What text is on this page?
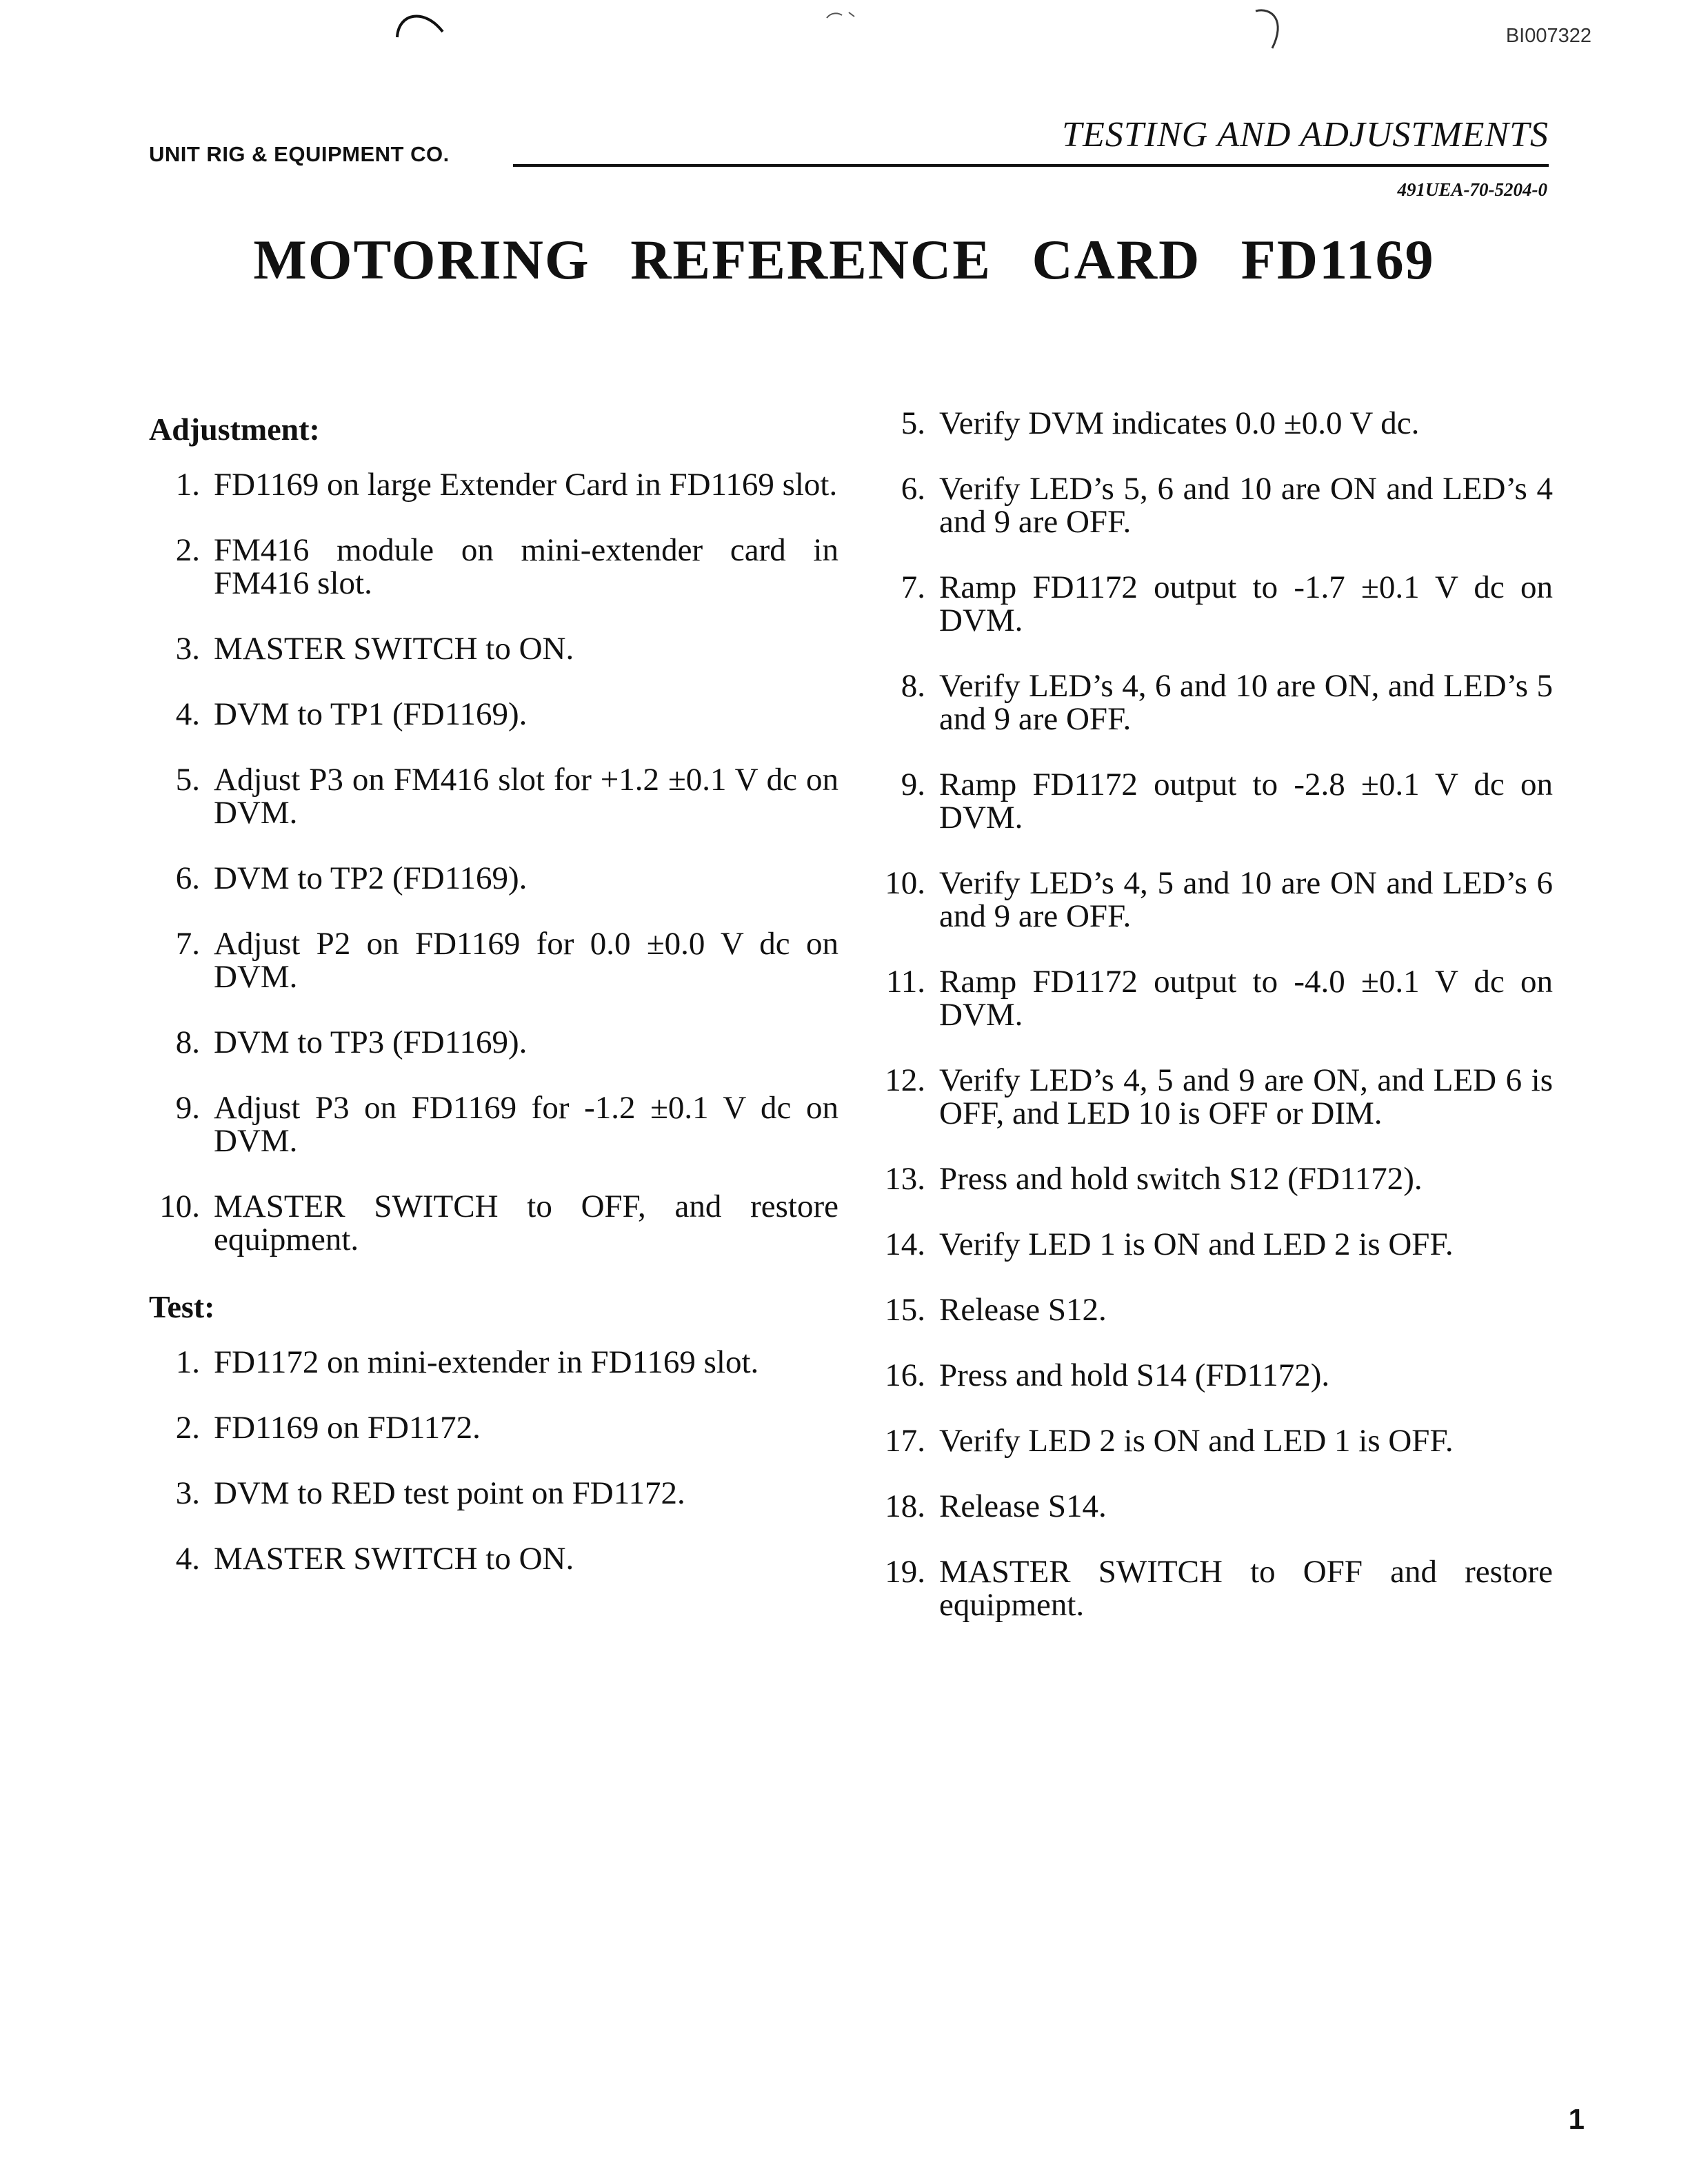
BI007322
UNIT RIG & EQUIPMENT CO.	TESTING AND ADJUSTMENTS
491UEA-70-5204-0
MOTORING REFERENCE CARD FD1169
Adjustment:
1. FD1169 on large Extender Card in FD1169 slot.
2. FM416 module on mini-extender card in FM416 slot.
3. MASTER SWITCH to ON.
4. DVM to TP1 (FD1169).
5. Adjust P3 on FM416 slot for +1.2 ±0.1 V dc on DVM.
6. DVM to TP2 (FD1169).
7. Adjust P2 on FD1169 for 0.0 ±0.0 V dc on DVM.
8. DVM to TP3 (FD1169).
9. Adjust P3 on FD1169 for -1.2 ±0.1 V dc on DVM.
10. MASTER SWITCH to OFF, and restore equipment.
Test:
1. FD1172 on mini-extender in FD1169 slot.
2. FD1169 on FD1172.
3. DVM to RED test point on FD1172.
4. MASTER SWITCH to ON.
5. Verify DVM indicates 0.0 ±0.0 V dc.
6. Verify LED’s 5, 6 and 10 are ON and LED’s 4 and 9 are OFF.
7. Ramp FD1172 output to -1.7 ±0.1 V dc on DVM.
8. Verify LED’s 4, 6 and 10 are ON, and LED’s 5 and 9 are OFF.
9. Ramp FD1172 output to -2.8 ±0.1 V dc on DVM.
10. Verify LED’s 4, 5 and 10 are ON and LED’s 6 and 9 are OFF.
11. Ramp FD1172 output to -4.0 ±0.1 V dc on DVM.
12. Verify LED’s 4, 5 and 9 are ON, and LED 6 is OFF, and LED 10 is OFF or DIM.
13. Press and hold switch S12 (FD1172).
14. Verify LED 1 is ON and LED 2 is OFF.
15. Release S12.
16. Press and hold S14 (FD1172).
17. Verify LED 2 is ON and LED 1 is OFF.
18. Release S14.
19. MASTER SWITCH to OFF and restore equipment.
1
